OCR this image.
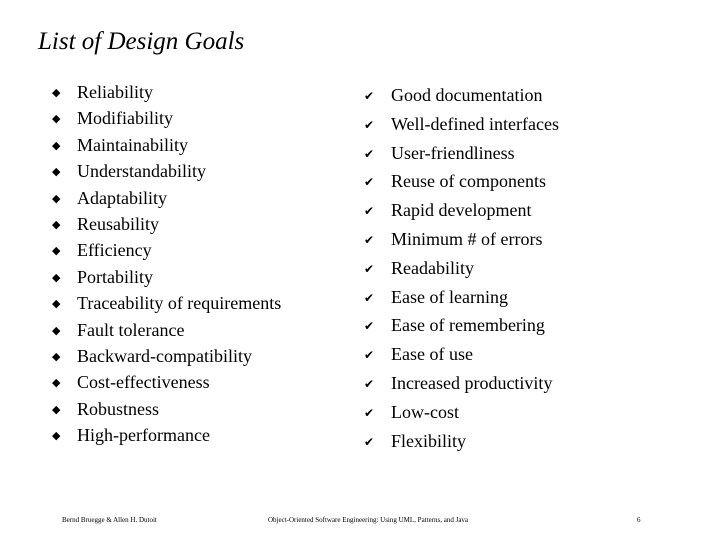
List of Design Goals
◆ Reliability
◆ Modifiability
◆ Maintainability
◆ Understandability
◆ Adaptability
◆ Reusability
◆ Efficiency
◆ Portability
◆ Traceability of requirements
◆ Fault tolerance
◆ Backward-compatibility
◆ Cost-effectiveness
◆ Robustness
◆ High-performance
✔ Good documentation
✔ Well-defined interfaces
✔ User-friendliness
✔ Reuse of components
✔ Rapid development
✔ Minimum # of errors
✔ Readability
✔ Ease of learning
✔ Ease of remembering
✔ Ease of use
✔ Increased productivity
✔ Low-cost
✔ Flexibility
Bernd Bruegge & Allen H. Dutoit	Object-Oriented Software Engineering: Using UML, Patterns, and Java	6
